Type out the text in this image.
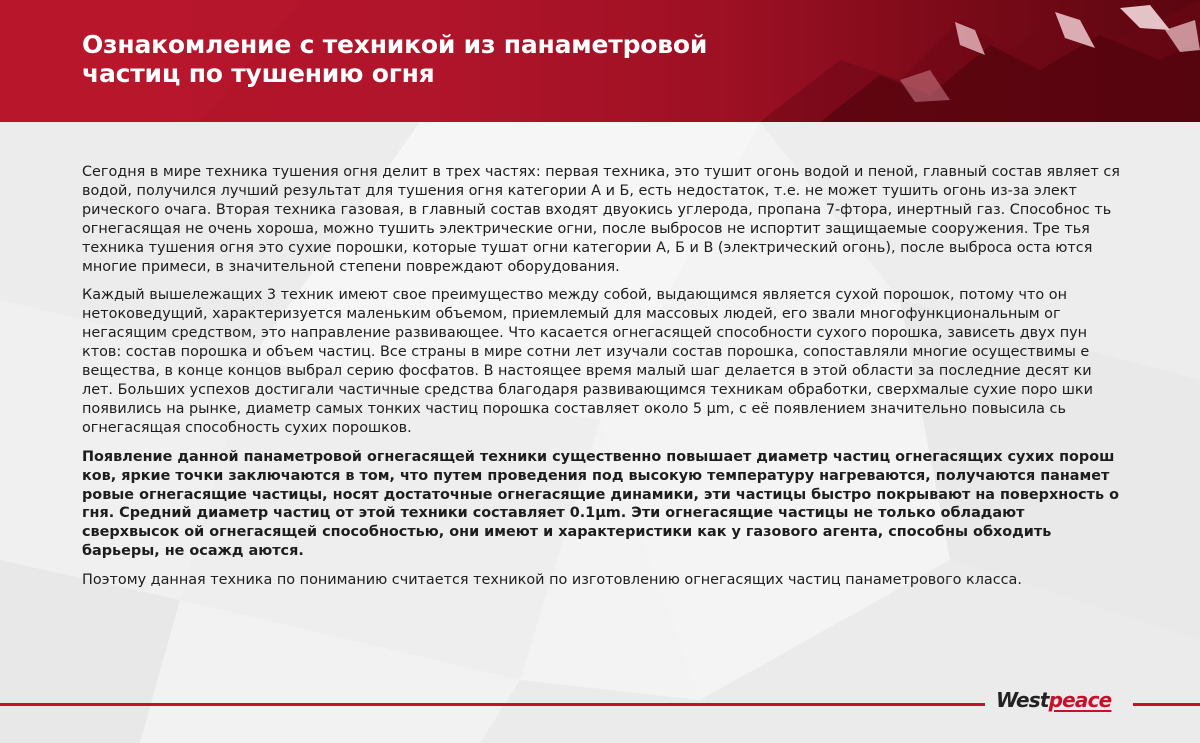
Ознакомление с техникой из панаметровой
частиц по тушению огня

Сегодня в мире техника тушения огня делит в трех частях: первая техника, это тушит огонь водой и пеной, главный состав являет ся водой, получился лучший результат для тушения огня категории А и Б, есть недостаток, т.е. не может тушить огонь из-за элект рического очага. Вторая техника газовая, в главный состав входят двуокись углерода, пропана 7-фтора, инертный газ. Способнос ть огнегасящая не очень хороша, можно тушить электрические огни, после выбросов не испортит защищаемые сооружения. Тре тья техника тушения огня это сухие порошки, которые тушат огни категории А, Б и В (электрический огонь), после выброса оста ются многие примеси, в значительной степени повреждают оборудования.

Каждый вышележащих 3 техник имеют свое преимущество между собой, выдающимся является сухой порошок, потому что он нетоковедущий, характеризуется маленьким объемом, приемлемый для массовых людей, его звали многофункциональным ог негасящим средством, это направление развивающее. Что касается огнегасящей способности сухого порошка, зависеть двух пун ктов: состав порошка и объем частиц. Все страны в мире сотни лет изучали состав порошка, сопоставляли многие осуществимы е вещества, в конце концов выбрал серию фосфатов. В настоящее время малый шаг делается в этой области за последние десят ки лет. Больших успехов достигали частичные средства благодаря развивающимся техникам обработки, сверхмалые сухие поро шки появились на рынке, диаметр самых тонких частиц порошка составляет около 5 μm, с её появлением значительно повысила сь огнегасящая способность сухих порошков.

Появление данной панаметровой огнегасящей техники существенно повышает диаметр частиц огнегасящих сухих порош ков, яркие точки заключаются в том, что путем проведения под высокую температуру нагреваются, получаются панамет ровые огнегасящие частицы, носят достаточные огнегасящие динамики, эти частицы быстро покрывают на поверхность о гня. Средний диаметр частиц от этой техники составляет 0.1μm. Эти огнегасящие частицы не только обладают сверхвысок ой огнегасящей способностью, они имеют и характеристики как у газового агента, способны обходить барьеры, не осажд аются.

Поэтому данная техника по пониманию считается техникой по изготовлению огнегасящих частиц панаметрового класса.

Westpeace
